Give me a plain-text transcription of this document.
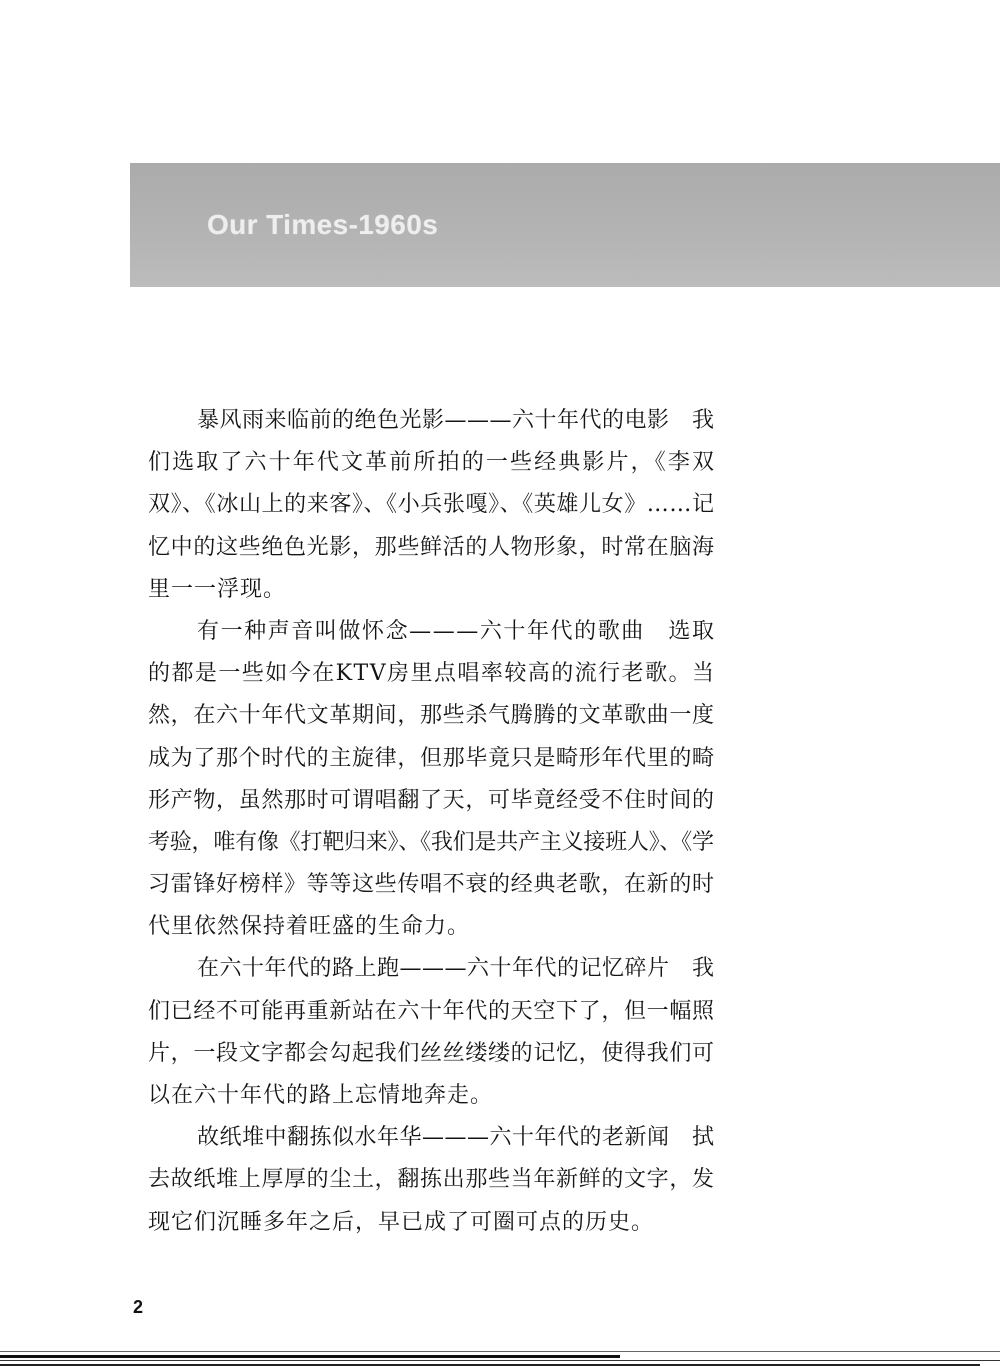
Our Times-1960s
暴风雨来临前的绝色光影———六十年代的电影　我
们选取了六十年代文革前所拍的一些经典影片，《李双
双》、《冰山上的来客》、《小兵张嘎》、《英雄儿女》……记
忆中的这些绝色光影，那些鲜活的人物形象，时常在脑海
里一一浮现。
有一种声音叫做怀念———六十年代的歌曲　选取
的都是一些如今在KTV房里点唱率较高的流行老歌。当
然，在六十年代文革期间，那些杀气腾腾的文革歌曲一度
成为了那个时代的主旋律，但那毕竟只是畸形年代里的畸
形产物，虽然那时可谓唱翻了天，可毕竟经受不住时间的
考验，唯有像《打靶归来》、《我们是共产主义接班人》、《学
习雷锋好榜样》等等这些传唱不衰的经典老歌，在新的时
代里依然保持着旺盛的生命力。
在六十年代的路上跑———六十年代的记忆碎片　我
们已经不可能再重新站在六十年代的天空下了，但一幅照
片，一段文字都会勾起我们丝丝缕缕的记忆，使得我们可
以在六十年代的路上忘情地奔走。
故纸堆中翻拣似水年华———六十年代的老新闻　拭
去故纸堆上厚厚的尘土，翻拣出那些当年新鲜的文字，发
现它们沉睡多年之后，早已成了可圈可点的历史。
2
